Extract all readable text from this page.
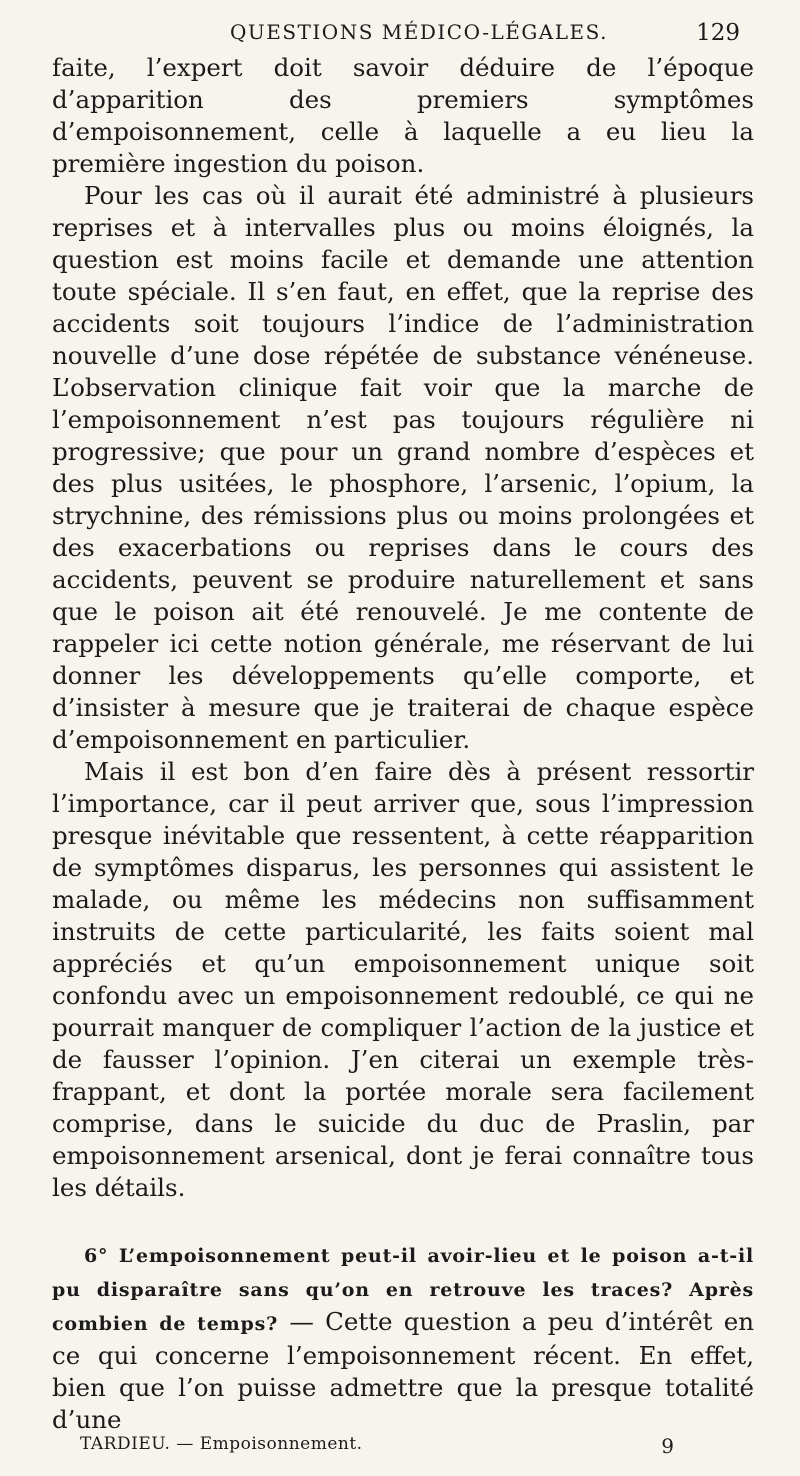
QUESTIONS MÉDICO-LÉGALES.	129

faite, l’expert doit savoir déduire de l’époque d’apparition des premiers symptômes d’empoisonnement, celle à laquelle a eu lieu la première ingestion du poison.

Pour les cas où il aurait été administré à plusieurs reprises et à intervalles plus ou moins éloignés, la question est moins facile et demande une attention toute spéciale. Il s’en faut, en effet, que la reprise des accidents soit toujours l’indice de l’administration nouvelle d’une dose répétée de substance vénéneuse. L’observation clinique fait voir que la marche de l’empoisonnement n’est pas toujours régulière ni progressive; que pour un grand nombre d’espèces et des plus usitées, le phosphore, l’arsenic, l’opium, la strychnine, des rémissions plus ou moins prolongées et des exacerbations ou reprises dans le cours des accidents, peuvent se produire naturellement et sans que le poison ait été renouvelé. Je me contente de rappeler ici cette notion générale, me réservant de lui donner les développements qu’elle comporte, et d’insister à mesure que je traiterai de chaque espèce d’empoisonnement en particulier.

Mais il est bon d’en faire dès à présent ressortir l’importance, car il peut arriver que, sous l’impression presque inévitable que ressentent, à cette réapparition de symptômes disparus, les personnes qui assistent le malade, ou même les médecins non suffisamment instruits de cette particularité, les faits soient mal appréciés et qu’un empoisonnement unique soit confondu avec un empoisonnement redoublé, ce qui ne pourrait manquer de compliquer l’action de la justice et de fausser l’opinion. J’en citerai un exemple très-frappant, et dont la portée morale sera facilement comprise, dans le suicide du duc de Praslin, par empoisonnement arsenical, dont je ferai connaître tous les détails.

6° L’empoisonnement peut-il avoir-lieu et le poison a-t-il pu disparaître sans qu’on en retrouve les traces? Après combien de temps? — Cette question a peu d’intérêt en ce qui concerne l’empoisonnement récent. En effet, bien que l’on puisse admettre que la presque totalité d’une
TARDIEU. — Empoisonnement.	9
